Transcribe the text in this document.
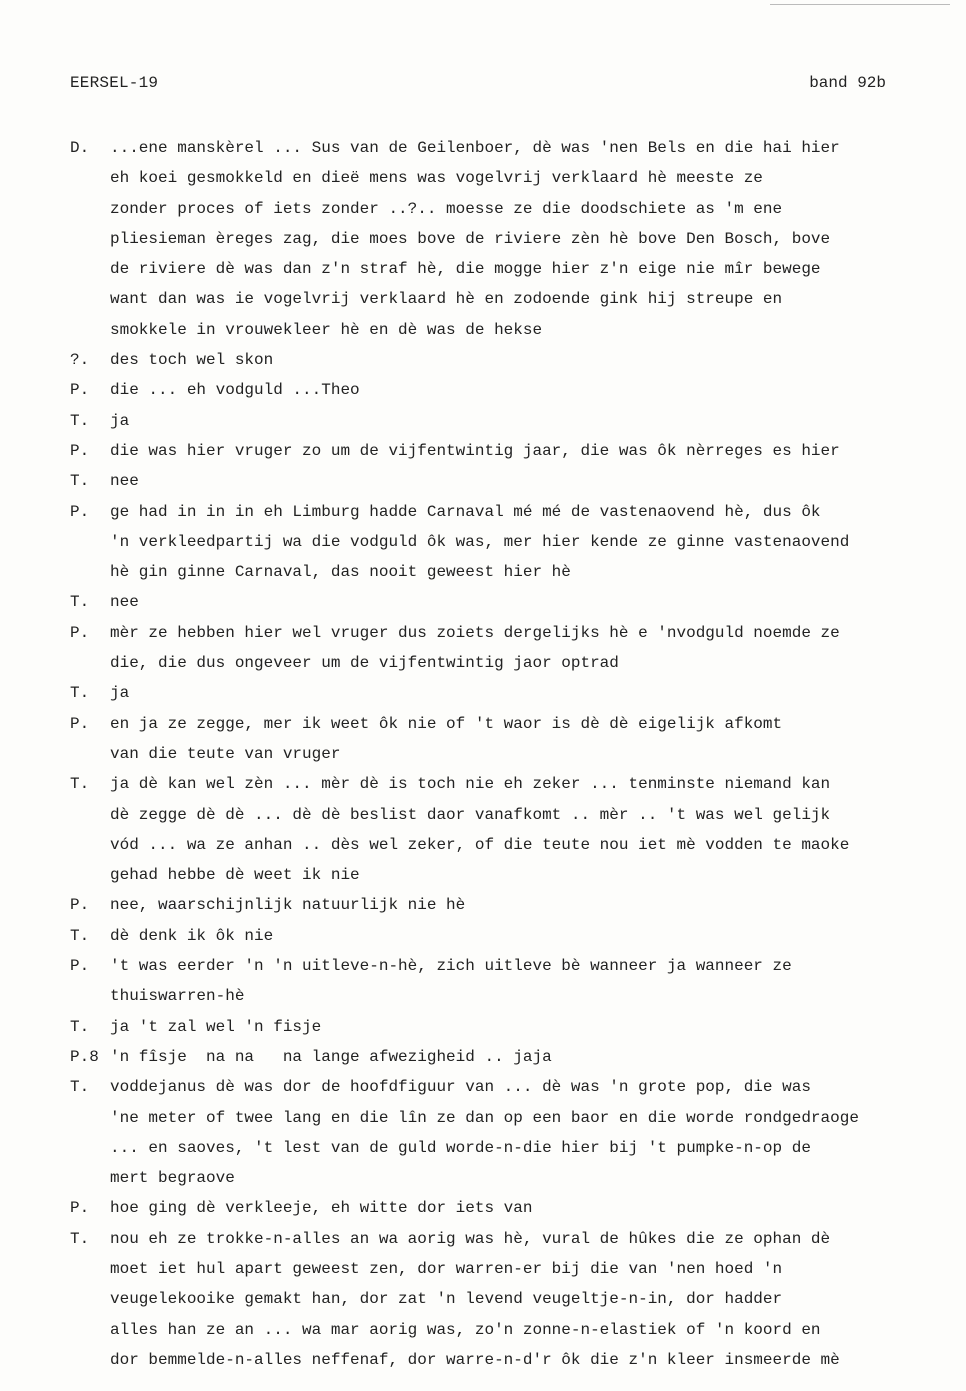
EERSEL-19	band 92b
D.	...ene manskèrel ... Sus van de Geilenboer, dè was 'nen Bels en die hai hier
eh koei gesmokkeld en dieë mens was vogelvrij verklaard hè meeste ze
zonder proces of iets zonder ..?.. moesse ze die doodschiete as 'm ene
pliesieman èreges zag, die moes bove de riviere zèn hè bove Den Bosch, bove
de riviere dè was dan z'n straf hè, die mogge hier z'n eige nie mîr bewege
want dan was ie vogelvrij verklaard hè en zodoende gink hij streupe en
smokkele in vrouwekleer hè en dè was de hekse
?.	des toch wel skon
P.	die ... eh vodguld ...Theo
T.	ja
P.	die was hier vruger zo um de vijfentwintig jaar, die was ôk nèrreges es hier
T.	nee
P.	ge had in in in eh Limburg hadde Carnaval mé mé de vastenaovend hè, dus ôk
'n verkleedpartij wa die vodguld ôk was, mer hier kende ze ginne vastenaovend
hè gin ginne Carnaval, das nooit geweest hier hè
T.	nee
P.	mèr ze hebben hier wel vruger dus zoiets dergelijks hè e 'nvodguld noemde ze
die, die dus ongeveer um de vijfentwintig jaor optrad
T.	ja
P.	en ja ze zegge, mer ik weet ôk nie of 't waor is dè dè eigelijk afkomt
van die teute van vruger
T.	ja dè kan wel zèn ... mèr dè is toch nie eh zeker ... tenminste niemand kan
dè zegge dè dè ... dè dè beslist daor vanafkomt .. mèr .. 't was wel gelijk
vód ... wa ze anhan .. dès wel zeker, of die teute nou iet mè vodden te maoke
gehad hebbe dè weet ik nie
P.	nee, waarschijnlijk natuurlijk nie hè
T.	dè denk ik ôk nie
P.	't was eerder 'n 'n uitleve-n-hè, zich uitleve bè wanneer ja wanneer ze
thuiswarren-hè
T.	ja 't zal wel 'n fisje
P.8 'n fîsje  na na   na lange afwezigheid .. jaja
T.	voddejanus dè was dor de hoofdfiguur van ... dè was 'n grote pop, die was
'ne meter of twee lang en die lîn ze dan op een baor en die worde rondgedraoge
... en saoves, 't lest van de guld worde-n-die hier bij 't pumpke-n-op de
mert begraove
P.	hoe ging dè verkleeje, eh witte dor iets van
T.	nou eh ze trokke-n-alles an wa aorig was hè, vural de hûkes die ze ophan dè
moet iet hul apart geweest zen, dor warren-er bij die van 'nen hoed 'n
veugelekooike gemakt han, dor zat 'n levend veugeltje-n-in, dor hadder
alles han ze an ... wa mar aorig was, zo'n zonne-n-elastiek of 'n koord en
dor bemmelde-n-alles neffenaf, dor warre-n-d'r ôk die z'n kleer insmeerde mè
